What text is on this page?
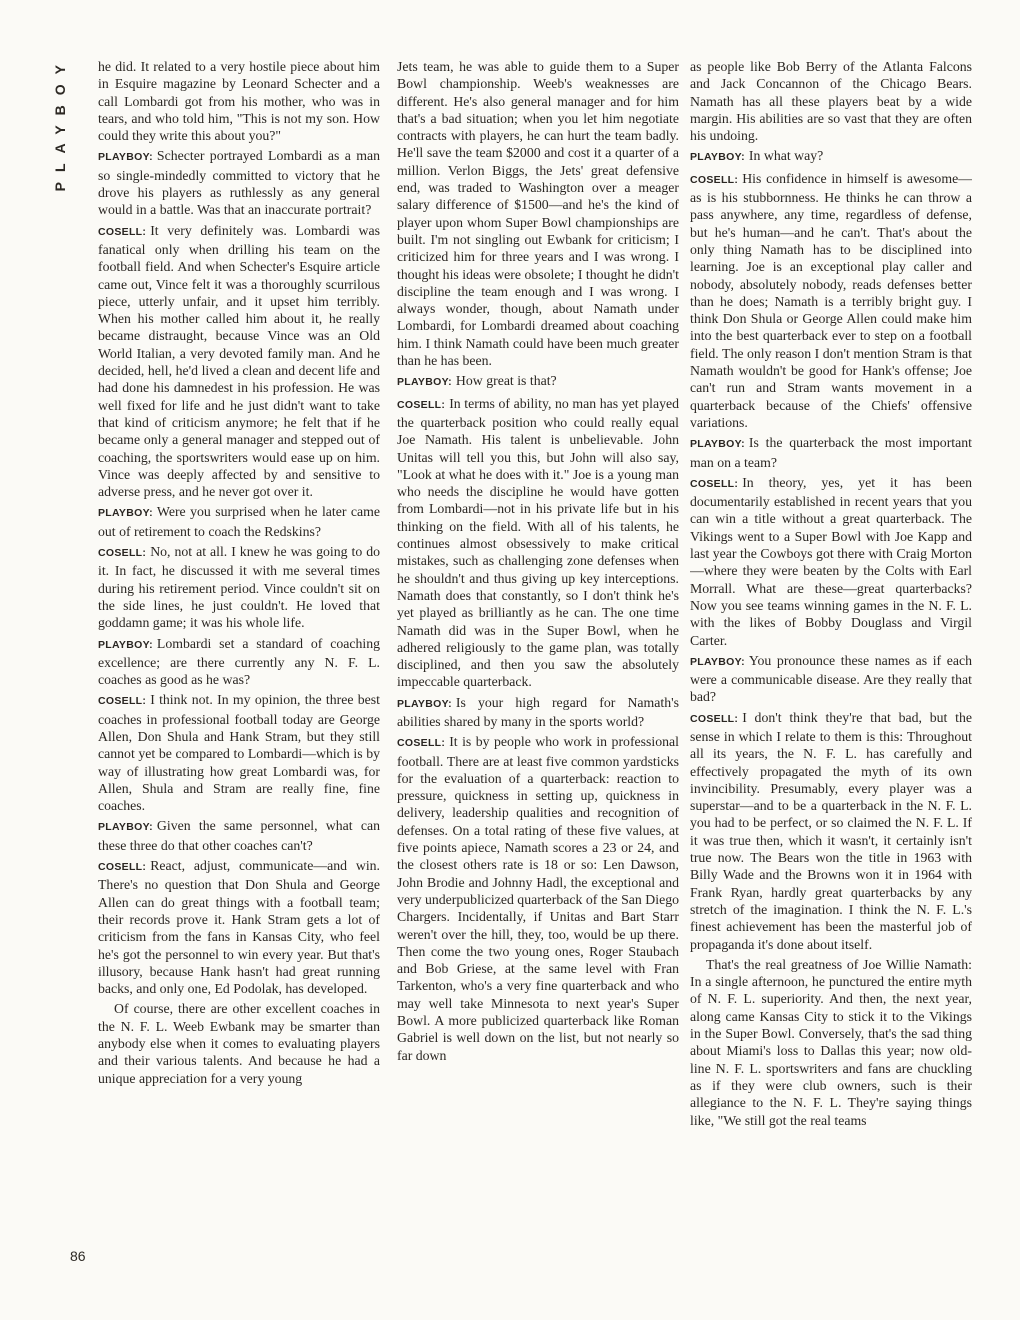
PLAYBOY he did. It related to a very hostile piece about him in Esquire magazine by Leonard Schecter and a call Lombardi got from his mother, who was in tears, and who told him, "This is not my son. How could they write this about you?"

PLAYBOY: Schecter portrayed Lombardi as a man so single-mindedly committed to victory that he drove his players as ruthlessly as any general would in a battle. Was that an inaccurate portrait?

COSELL: It very definitely was. Lombardi was fanatical only when drilling his team on the football field. And when Schecter's Esquire article came out, Vince felt it was a thoroughly scurrilous piece, utterly unfair, and it upset him terribly. When his mother called him about it, he really became distraught, because Vince was an Old World Italian, a very devoted family man. And he decided, hell, he'd lived a clean and decent life and had done his damnedest in his profession. He was well fixed for life and he just didn't want to take that kind of criticism anymore; he felt that if he became only a general manager and stepped out of coaching, the sportswriters would ease up on him. Vince was deeply affected by and sensitive to adverse press, and he never got over it.

PLAYBOY: Were you surprised when he later came out of retirement to coach the Redskins?

COSELL: No, not at all. I knew he was going to do it. In fact, he discussed it with me several times during his retirement period. Vince couldn't sit on the side lines, he just couldn't. He loved that goddamn game; it was his whole life.

PLAYBOY: Lombardi set a standard of coaching excellence; are there currently any N. F. L. coaches as good as he was?

COSELL: I think not. In my opinion, the three best coaches in professional football today are George Allen, Don Shula and Hank Stram, but they still cannot yet be compared to Lombardi—which is by way of illustrating how great Lombardi was, for Allen, Shula and Stram are really fine, fine coaches.

PLAYBOY: Given the same personnel, what can these three do that other coaches can't?

COSELL: React, adjust, communicate—and win. There's no question that Don Shula and George Allen can do great things with a football team; their records prove it. Hank Stram gets a lot of criticism from the fans in Kansas City, who feel he's got the personnel to win every year. But that's illusory, because Hank hasn't had great running backs, and only one, Ed Podolak, has developed.

Of course, there are other excellent coaches in the N. F. L. Weeb Ewbank may be smarter than anybody else when it comes to evaluating players and their various talents. And because he had a unique appreciation for a very young

Jets team, he was able to guide them to a Super Bowl championship. Weeb's weaknesses are different. He's also general manager and for him that's a bad situation; when you let him negotiate contracts with players, he can hurt the team badly. He'll save the team $2000 and cost it a quarter of a million. Verlon Biggs, the Jets' great defensive end, was traded to Washington over a meager salary difference of $1500—and he's the kind of player upon whom Super Bowl championships are built. I'm not singling out Ewbank for criticism; I criticized him for three years and I was wrong. I thought his ideas were obsolete; I thought he didn't discipline the team enough and I was wrong. I always wonder, though, about Namath under Lombardi, for Lombardi dreamed about coaching him. I think Namath could have been much greater than he has been.

PLAYBOY: How great is that?

COSELL: In terms of ability, no man has yet played the quarterback position who could really equal Joe Namath. His talent is unbelievable. John Unitas will tell you this, but John will also say, "Look at what he does with it." Joe is a young man who needs the discipline he would have gotten from Lombardi—not in his private life but in his thinking on the field. With all of his talents, he continues almost obsessively to make critical mistakes, such as challenging zone defenses when he shouldn't and thus giving up key interceptions. Namath does that constantly, so I don't think he's yet played as brilliantly as he can. The one time Namath did was in the Super Bowl, when he adhered religiously to the game plan, was totally disciplined, and then you saw the absolutely impeccable quarterback.

PLAYBOY: Is your high regard for Namath's abilities shared by many in the sports world?

COSELL: It is by people who work in professional football. There are at least five common yardsticks for the evaluation of a quarterback: reaction to pressure, quickness in setting up, quickness in delivery, leadership qualities and recognition of defenses. On a total rating of these five values, at five points apiece, Namath scores a 23 or 24, and the closest others rate is 18 or so: Len Dawson, John Brodie and Johnny Hadl, the exceptional and very underpublicized quarterback of the San Diego Chargers. Incidentally, if Unitas and Bart Starr weren't over the hill, they, too, would be up there. Then come the two young ones, Roger Staubach and Bob Griese, at the same level with Fran Tarkenton, who's a very fine quarterback and who may well take Minnesota to next year's Super Bowl. A more publicized quarterback like Roman Gabriel is well down on the list, but not nearly so far down

as people like Bob Berry of the Atlanta Falcons and Jack Concannon of the Chicago Bears. Namath has all these players beat by a wide margin. His abilities are so vast that they are often his undoing.

PLAYBOY: In what way?

COSELL: His confidence in himself is awesome—as is his stubbornness. He thinks he can throw a pass anywhere, any time, regardless of defense, but he's human—and he can't. That's about the only thing Namath has to be disciplined into learning. Joe is an exceptional play caller and nobody, absolutely nobody, reads defenses better than he does; Namath is a terribly bright guy. I think Don Shula or George Allen could make him into the best quarterback ever to step on a football field. The only reason I don't mention Stram is that Namath wouldn't be good for Hank's offense; Joe can't run and Stram wants movement in a quarterback because of the Chiefs' offensive variations.

PLAYBOY: Is the quarterback the most important man on a team?

COSELL: In theory, yes, yet it has been documentarily established in recent years that you can win a title without a great quarterback. The Vikings went to a Super Bowl with Joe Kapp and last year the Cowboys got there with Craig Morton—where they were beaten by the Colts with Earl Morrall. What are these—great quarterbacks? Now you see teams winning games in the N. F. L. with the likes of Bobby Douglass and Virgil Carter.

PLAYBOY: You pronounce these names as if each were a communicable disease. Are they really that bad?

COSELL: I don't think they're that bad, but the sense in which I relate to them is this: Throughout all its years, the N. F. L. has carefully and effectively propagated the myth of its own invincibility. Presumably, every player was a superstar—and to be a quarterback in the N. F. L. you had to be perfect, or so claimed the N. F. L. If it was true then, which it wasn't, it certainly isn't true now. The Bears won the title in 1963 with Billy Wade and the Browns won it in 1964 with Frank Ryan, hardly great quarterbacks by any stretch of the imagination. I think the N. F. L.'s finest achievement has been the masterful job of propaganda it's done about itself.

That's the real greatness of Joe Willie Namath: In a single afternoon, he punctured the entire myth of N. F. L. superiority. And then, the next year, along came Kansas City to stick it to the Vikings in the Super Bowl. Conversely, that's the sad thing about Miami's loss to Dallas this year; now old-line N. F. L. sportswriters and fans are chuckling as if they were club owners, such is their allegiance to the N. F. L. They're saying things like, "We still got the real teams

86
